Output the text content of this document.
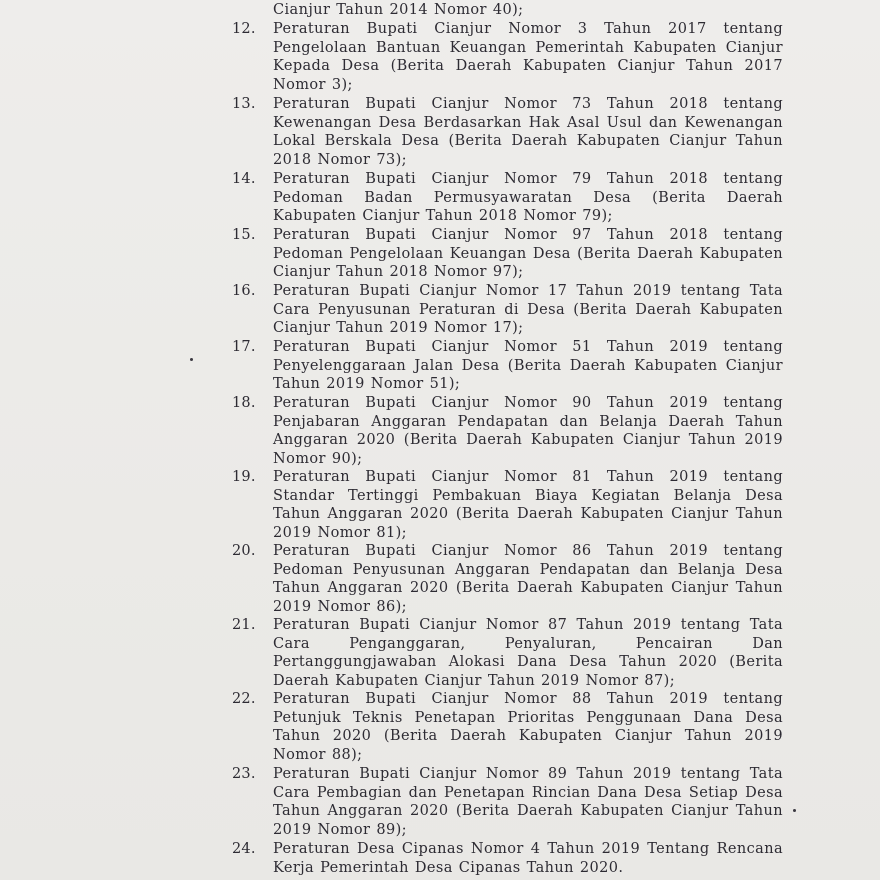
Cianjur Tahun 2014 Nomor 40);

12.	Peraturan Bupati Cianjur Nomor 3 Tahun 2017 tentang Pengelolaan Bantuan Keuangan Pemerintah Kabupaten Cianjur Kepada Desa (Berita Daerah Kabupaten Cianjur Tahun 2017 Nomor 3);

13.	Peraturan Bupati Cianjur Nomor 73 Tahun 2018 tentang Kewenangan Desa Berdasarkan Hak Asal Usul dan Kewenangan Lokal Berskala Desa (Berita Daerah Kabupaten Cianjur Tahun 2018 Nomor 73);

14.	Peraturan Bupati Cianjur Nomor 79 Tahun 2018 tentang Pedoman Badan Permusyawaratan Desa (Berita Daerah Kabupaten Cianjur Tahun 2018 Nomor 79);

15.	Peraturan Bupati Cianjur Nomor 97 Tahun 2018 tentang Pedoman Pengelolaan Keuangan Desa (Berita Daerah Kabupaten Cianjur Tahun 2018 Nomor 97);

16.	Peraturan Bupati Cianjur Nomor 17 Tahun 2019 tentang Tata Cara Penyusunan Peraturan di Desa (Berita Daerah Kabupaten Cianjur Tahun 2019 Nomor 17);

17.	Peraturan Bupati Cianjur Nomor 51 Tahun 2019 tentang Penyelenggaraan Jalan Desa (Berita Daerah Kabupaten Cianjur Tahun 2019 Nomor 51);

18.	Peraturan Bupati Cianjur Nomor 90 Tahun 2019 tentang Penjabaran Anggaran Pendapatan dan Belanja Daerah Tahun Anggaran 2020 (Berita Daerah Kabupaten Cianjur Tahun 2019 Nomor 90);

19.	Peraturan Bupati Cianjur Nomor 81 Tahun 2019 tentang Standar Tertinggi Pembakuan Biaya Kegiatan Belanja Desa Tahun Anggaran 2020 (Berita Daerah Kabupaten Cianjur Tahun 2019 Nomor 81);

20.	Peraturan Bupati Cianjur Nomor 86 Tahun 2019 tentang Pedoman Penyusunan Anggaran Pendapatan dan Belanja Desa Tahun Anggaran 2020 (Berita Daerah Kabupaten Cianjur Tahun 2019 Nomor 86);

21.	Peraturan Bupati Cianjur Nomor 87 Tahun 2019 tentang Tata Cara Penganggaran, Penyaluran, Pencairan Dan Pertanggungjawaban Alokasi Dana Desa Tahun 2020 (Berita Daerah Kabupaten Cianjur Tahun 2019 Nomor 87);

22.	Peraturan Bupati Cianjur Nomor 88 Tahun 2019 tentang Petunjuk Teknis Penetapan Prioritas Penggunaan Dana Desa Tahun 2020 (Berita Daerah Kabupaten Cianjur Tahun 2019 Nomor 88);

23.	Peraturan Bupati Cianjur Nomor 89 Tahun 2019 tentang Tata Cara Pembagian dan Penetapan Rincian Dana Desa Setiap Desa Tahun Anggaran 2020 (Berita Daerah Kabupaten Cianjur Tahun 2019 Nomor 89);

24.	Peraturan Desa Cipanas Nomor 4 Tahun 2019 Tentang Rencana Kerja Pemerintah Desa Cipanas Tahun 2020.
